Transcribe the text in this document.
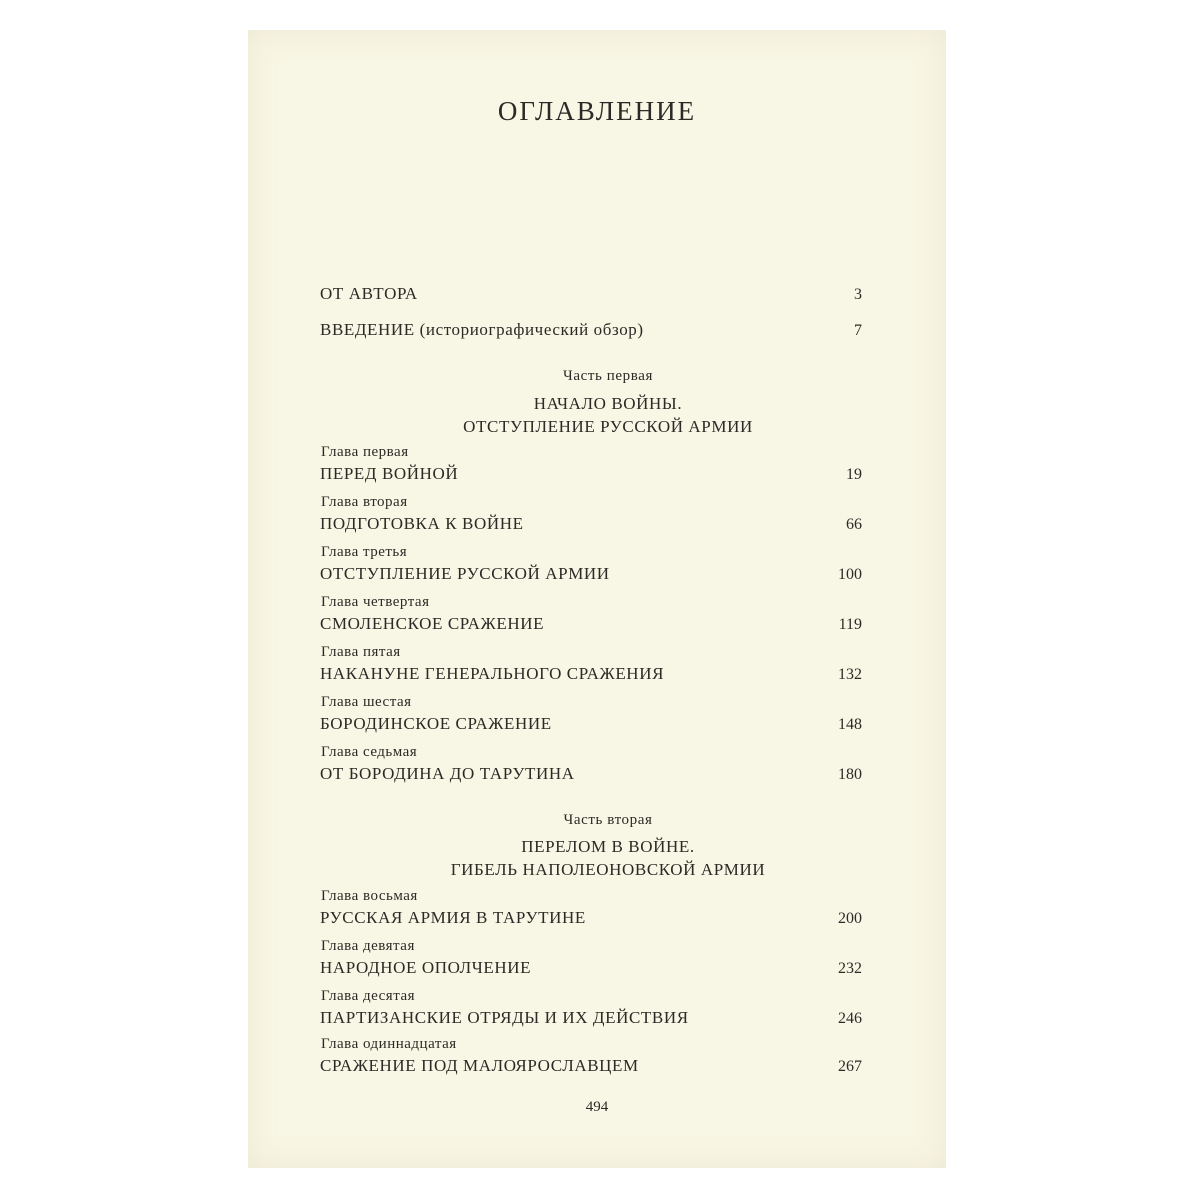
ОГЛАВЛЕНИЕ
ОТ АВТОРА	3
ВВЕДЕНИЕ (историографический обзор)	7
Часть первая
НАЧАЛО ВОЙНЫ.
ОТСТУПЛЕНИЕ РУССКОЙ АРМИИ
Глава первая
ПЕРЕД ВОЙНОЙ	19
Глава вторая
ПОДГОТОВКА К ВОЙНЕ	66
Глава третья
ОТСТУПЛЕНИЕ РУССКОЙ АРМИИ	100
Глава четвертая
СМОЛЕНСКОЕ СРАЖЕНИЕ	119
Глава пятая
НАКАНУНЕ ГЕНЕРАЛЬНОГО СРАЖЕНИЯ	132
Глава шестая
БОРОДИНСКОЕ СРАЖЕНИЕ	148
Глава седьмая
ОТ БОРОДИНА ДО ТАРУТИНА	180
Часть вторая
ПЕРЕЛОМ В ВОЙНЕ.
ГИБЕЛЬ НАПОЛЕОНОВСКОЙ АРМИИ
Глава восьмая
РУССКАЯ АРМИЯ В ТАРУТИНЕ	200
Глава девятая
НАРОДНОЕ ОПОЛЧЕНИЕ	232
Глава десятая
ПАРТИЗАНСКИЕ ОТРЯДЫ И ИХ ДЕЙСТВИЯ	246
Глава одиннадцатая
СРАЖЕНИЕ ПОД МАЛОЯРОСЛАВЦЕМ	267
494
